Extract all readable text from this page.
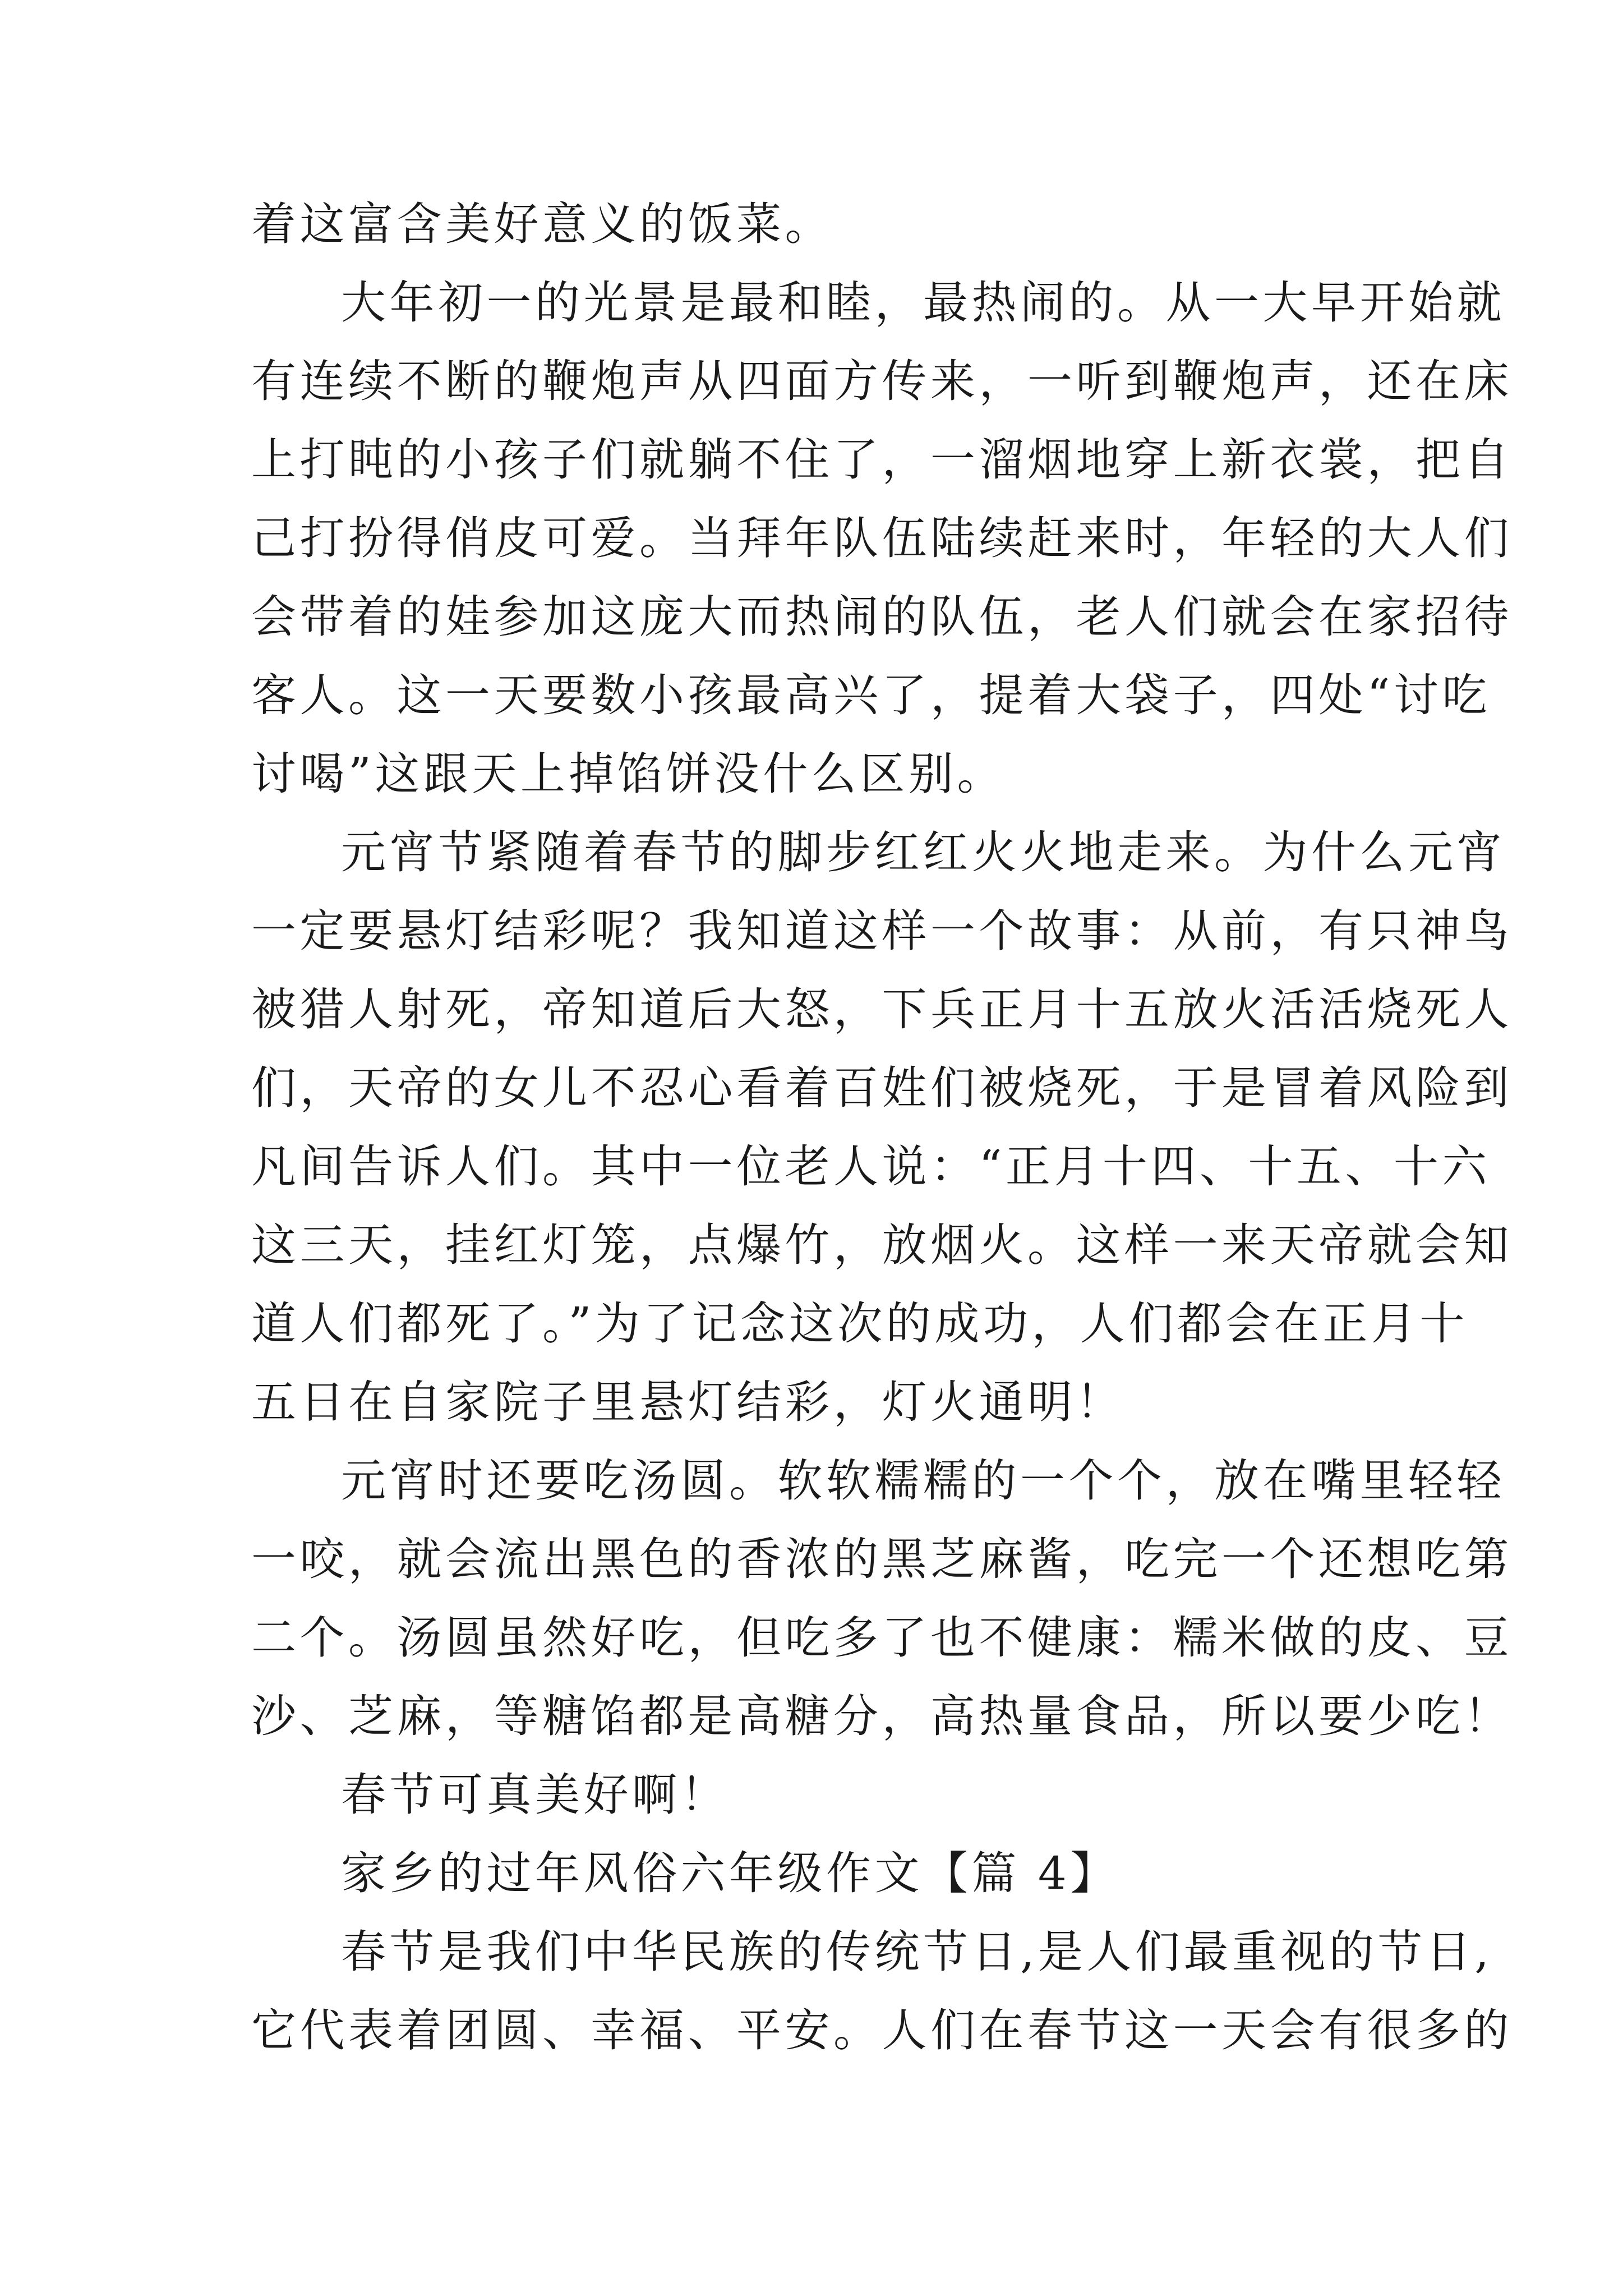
着这富含美好意义的饭菜。
大年初一的光景是最和睦，最热闹的。从一大早开始就
有连续不断的鞭炮声从四面方传来，一听到鞭炮声，还在床
上打盹的小孩子们就躺不住了，一溜烟地穿上新衣裳，把自
己打扮得俏皮可爱。当拜年队伍陆续赶来时，年轻的大人们
会带着的娃参加这庞大而热闹的队伍，老人们就会在家招待
客人。这一天要数小孩最高兴了，提着大袋子，四处“讨吃
讨喝”这跟天上掉馅饼没什么区别。
元宵节紧随着春节的脚步红红火火地走来。为什么元宵
一定要悬灯结彩呢？我知道这样一个故事：从前，有只神鸟
被猎人射死，帝知道后大怒，下兵正月十五放火活活烧死人
们，天帝的女儿不忍心看着百姓们被烧死，于是冒着风险到
凡间告诉人们。其中一位老人说：“正月十四、十五、十六
这三天，挂红灯笼，点爆竹，放烟火。这样一来天帝就会知
道人们都死了。”为了记念这次的成功，人们都会在正月十
五日在自家院子里悬灯结彩，灯火通明！
元宵时还要吃汤圆。软软糯糯的一个个，放在嘴里轻轻
一咬，就会流出黑色的香浓的黑芝麻酱，吃完一个还想吃第
二个。汤圆虽然好吃，但吃多了也不健康：糯米做的皮、豆
沙、芝麻，等糖馅都是高糖分，高热量食品，所以要少吃！
春节可真美好啊！
家乡的过年风俗六年级作文【篇 4】
春节是我们中华民族的传统节日,是人们最重视的节日,
它代表着团圆、幸福、平安。人们在春节这一天会有很多的
